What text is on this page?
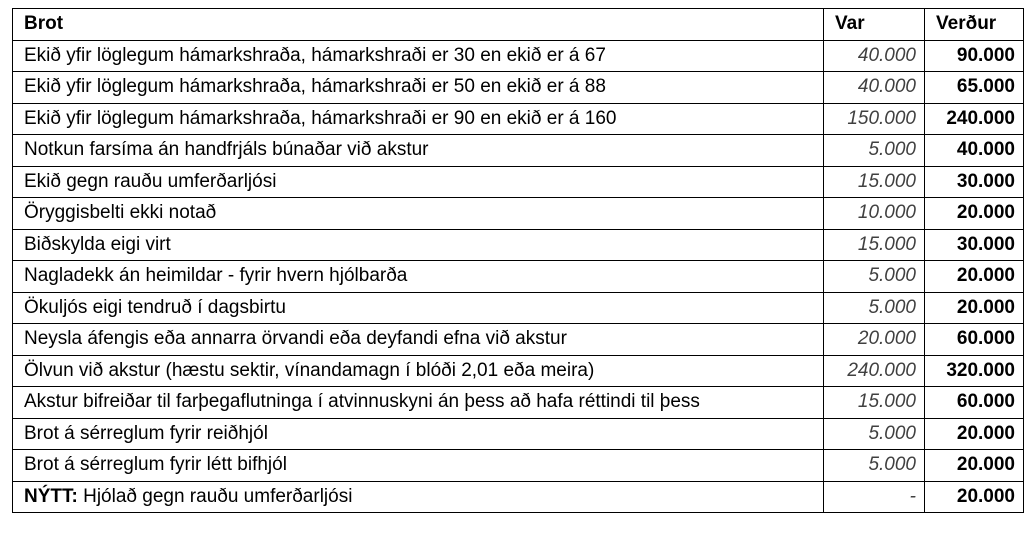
Brot	Var	Verður
Ekið yfir löglegum hámarkshraða, hámarkshraði er 30 en ekið er á 67	40.000	90.000
Ekið yfir löglegum hámarkshraða, hámarkshraði er 50 en ekið er á 88	40.000	65.000
Ekið yfir löglegum hámarkshraða, hámarkshraði er 90 en ekið er á 160	150.000	240.000
Notkun farsíma án handfrjáls búnaðar við akstur	5.000	40.000
Ekið gegn rauðu umferðarljósi	15.000	30.000
Öryggisbelti ekki notað	10.000	20.000
Biðskylda eigi virt	15.000	30.000
Nagladekk án heimildar - fyrir hvern hjólbarða	5.000	20.000
Ökuljós eigi tendruð í dagsbirtu	5.000	20.000
Neysla áfengis eða annarra örvandi eða deyfandi efna við akstur	20.000	60.000
Ölvun við akstur (hæstu sektir, vínandamagn í blóði 2,01 eða meira)	240.000	320.000
Akstur bifreiðar til farþegaflutninga í atvinnuskyni án þess að hafa réttindi til þess	15.000	60.000
Brot á sérreglum fyrir reiðhjól	5.000	20.000
Brot á sérreglum fyrir létt bifhjól	5.000	20.000
NÝTT: Hjólað gegn rauðu umferðarljósi	-	20.000
